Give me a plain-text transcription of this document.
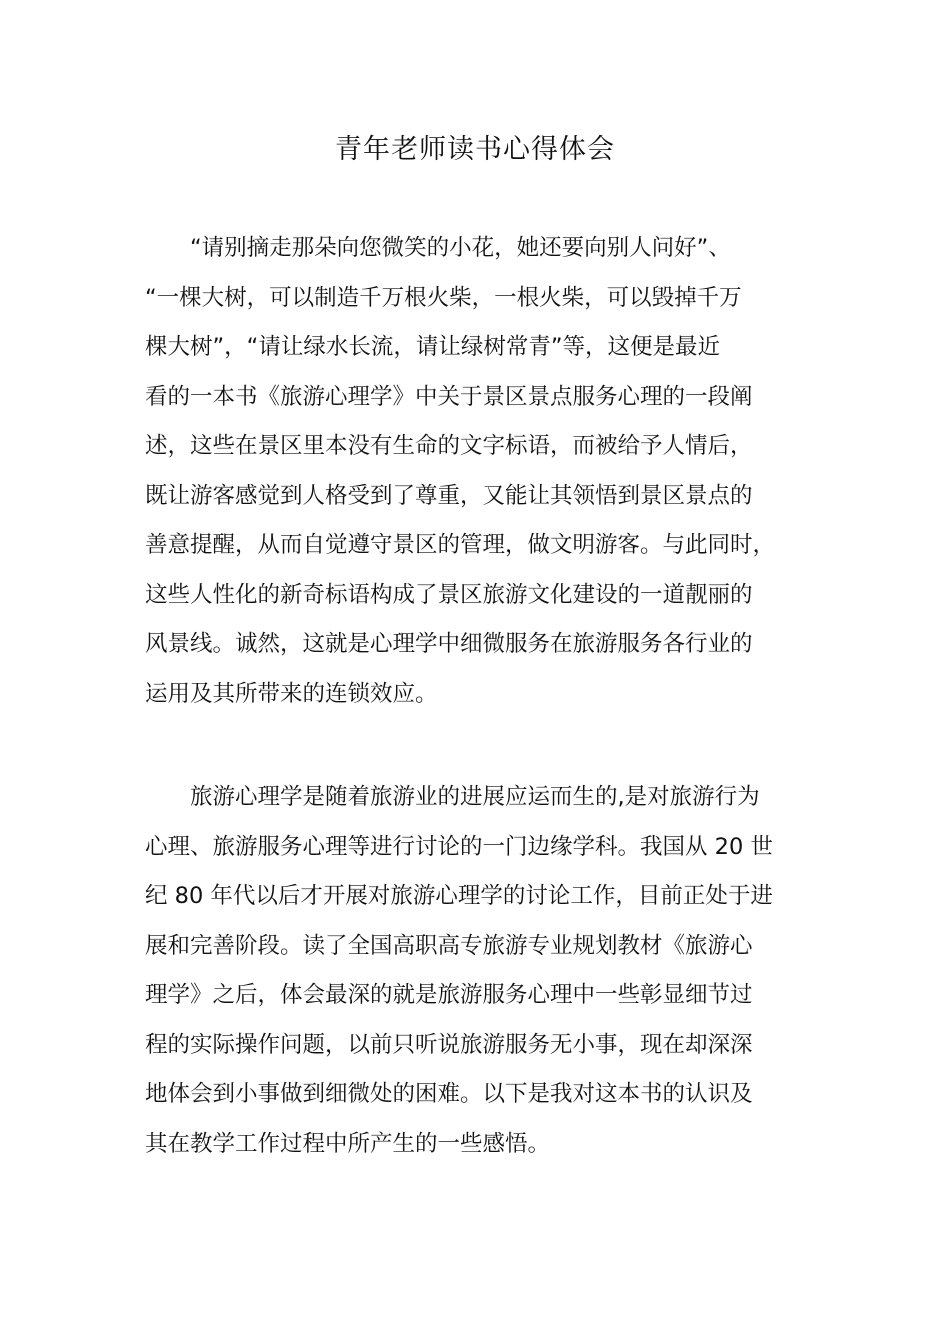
青年老师读书心得体会
　　“请别摘走那朵向您微笑的小花，她还要向别人问好”、
“一棵大树，可以制造千万根火柴，一根火柴，可以毁掉千万
棵大树”，“请让绿水长流，请让绿树常青”等，这便是最近
看的一本书《旅游心理学》中关于景区景点服务心理的一段阐
述，这些在景区里本没有生命的文字标语，而被给予人情后，
既让游客感觉到人格受到了尊重，又能让其领悟到景区景点的
善意提醒，从而自觉遵守景区的管理，做文明游客。与此同时，
这些人性化的新奇标语构成了景区旅游文化建设的一道靓丽的
风景线。诚然，这就是心理学中细微服务在旅游服务各行业的
运用及其所带来的连锁效应。
　　旅游心理学是随着旅游业的进展应运而生的,是对旅游行为
心理、旅游服务心理等进行讨论的一门边缘学科。我国从 20 世
纪 80 年代以后才开展对旅游心理学的讨论工作，目前正处于进
展和完善阶段。读了全国高职高专旅游专业规划教材《旅游心
理学》之后，体会最深的就是旅游服务心理中一些彰显细节过
程的实际操作问题，以前只听说旅游服务无小事，现在却深深
地体会到小事做到细微处的困难。以下是我对这本书的认识及
其在教学工作过程中所产生的一些感悟。
